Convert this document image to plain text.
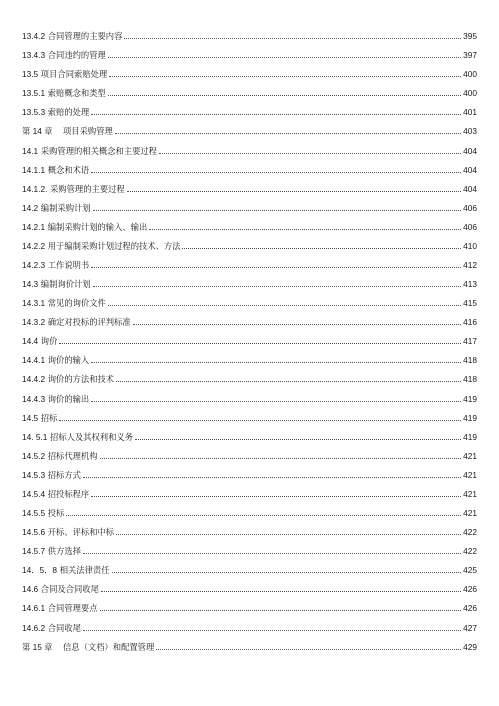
13.4.2 合同管理的主要内容	395
13.4.3 合同违约的管理	397
13.5 项目合同索赔处理	400
13.5.1 索赔概念和类型	400
13.5.3 索赔的处理	401
第 14 章 项目采购管理	403
14.1 采购管理的相关概念和主要过程	404
14.1.1 概念和术语	404
14.1.2. 采购管理的主要过程	404
14.2 编制采购计划	406
14.2.1 编制采购计划的输入、输出	406
14.2.2 用于编制采购计划过程的技术、方法	410
14.2.3 工作说明书	412
14.3 编制询价计划	413
14.3.1 常见的询价文件	415
14.3.2 确定对投标的评判标准	416
14.4 询价	417
14.4.1 询价的输入	418
14.4.2 询价的方法和技术	418
14.4.3 询价的输出	419
14.5 招标	419
14. 5.1 招标人及其权利和义务	419
14.5.2 招标代理机构	421
14.5.3 招标方式	421
14.5.4 招投标程序	421
14.5.5 投标	421
14.5.6 开标、评标和中标	422
14.5.7 供方选择	422
14．5．8 相关法律责任	425
14.6 合同及合同收尾	426
14.6.1 合同管理要点	426
14.6.2 合同收尾	427
第 15 章 信息（文档）和配置管理	429
